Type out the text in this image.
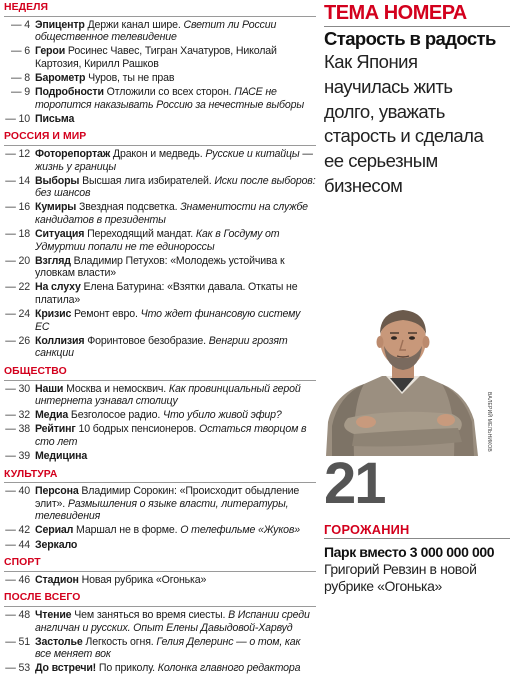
НЕДЕЛЯ
— 4 Эпицентр Держи канал шире. Светит ли России общественное телевидение
— 6 Герои Росинес Чавес, Тигран Хачатуров, Николай Картозия, Кирилл Рашков
— 8 Барометр Чуров, ты не прав
— 9 Подробности Отложили со всех сторон. ПАСЕ не торопится наказывать Россию за нечестные выборы
— 10 Письма
РОССИЯ И МИР
— 12 Фоторепортаж Дракон и медведь. Русские и китайцы — жизнь у границы
— 14 Выборы Высшая лига избирателей. Иски после выборов: без шансов
— 16 Кумиры Звездная подсветка. Знаменитости на службе кандидатов в президенты
— 18 Ситуация Переходящий мандат. Как в Госдуму от Удмуртии попали не те единороссы
— 20 Взгляд Владимир Петухов: «Молодежь устойчива к уловкам власти»
— 22 На слуху Елена Батурина: «Взятки давала. Откаты не платила»
— 24 Кризис Ремонт евро. Что ждет финансовую систему ЕС
— 26 Коллизия Форинтовое безобразие. Венгрии грозят санкции
ОБЩЕСТВО
— 30 Наши Москва и немосквич. Как провинциальный герой интернета узнавал столицу
— 32 Медиа Безголосое радио. Что убило живой эфир?
— 38 Рейтинг 10 бодрых пенсионеров. Остаться творцом в сто лет
— 39 Медицина
КУЛЬТУРА
— 40 Персона Владимир Сорокин: «Происходит обыдление элит». Размышления о языке власти, литературы, телевидения
— 42 Сериал Маршал не в форме. О телефильме «Жуков»
— 44 Зеркало
СПОРТ
— 46 Стадион Новая рубрика «Огонька»
ПОСЛЕ ВСЕГО
— 48 Чтение Чем заняться во время сиесты. В Испании среди англичан и русских. Опыт Елены Давыдовой-Харвуд
— 51 Застолье Легкость огня. Гелия Делеринс — о том, как все меняет вок
— 53 До встречи! По приколу. Колонка главного редактора
ТЕМА НОМЕРА
Старость в радость
Как Япония
научилась жить
долго, уважать
старость и сделала
ее серьезным
бизнесом
ВАЛЕРИЙ МЕЛЬНИКОВ
21
ГОРОЖАНИН
Парк вместо 3 000 000 000
Григорий Ревзин в новой
рубрике «Огонька»
